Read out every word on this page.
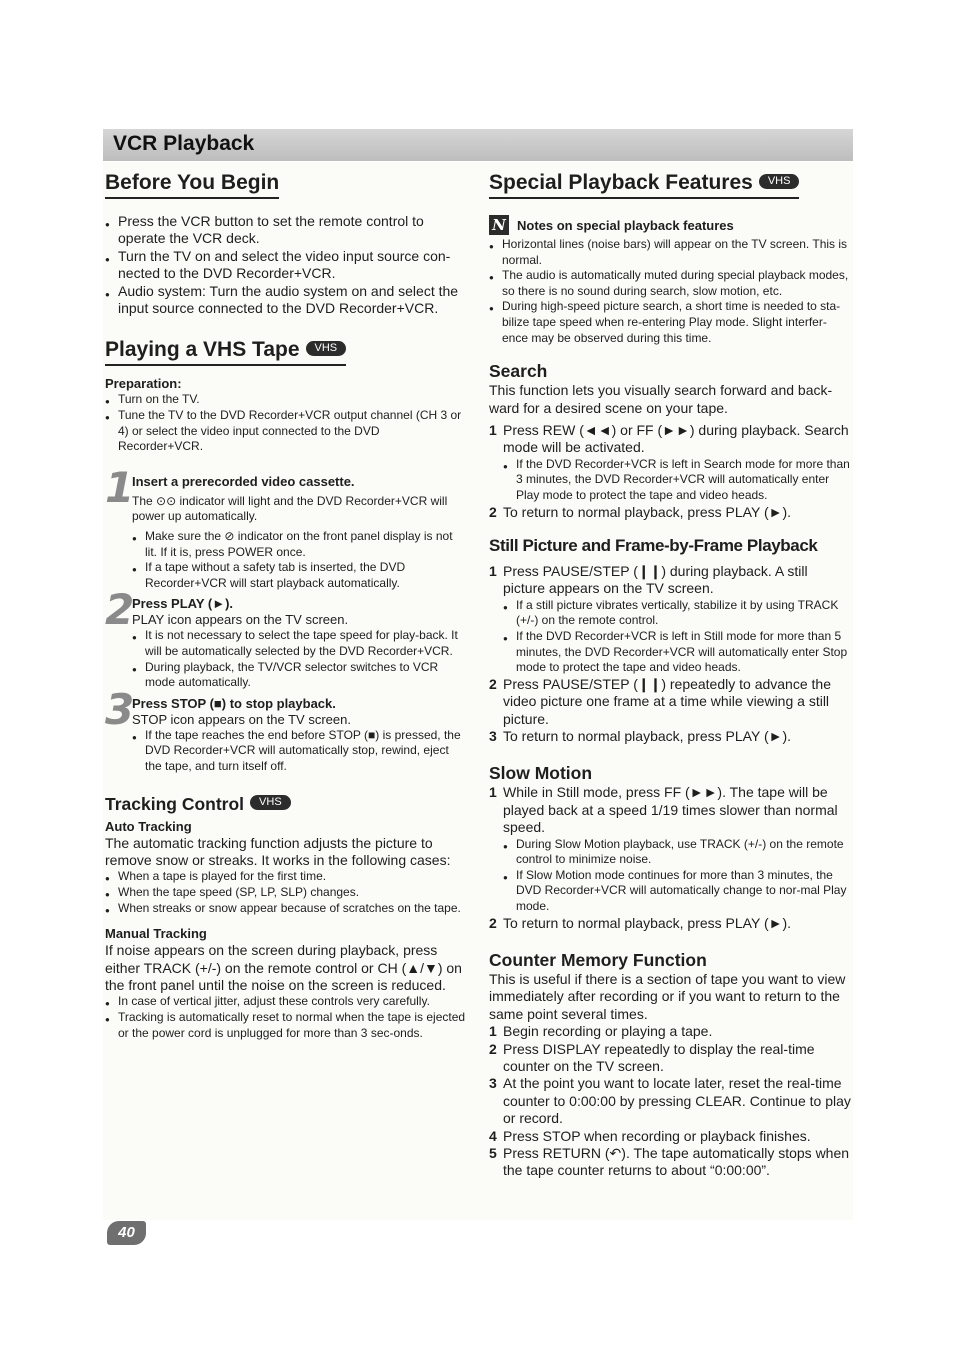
VCR Playback
Before You Begin
● Press the VCR button to set the remote control to operate the VCR deck.
● Turn the TV on and select the video input source con-nected to the DVD Recorder+VCR.
● Audio system: Turn the audio system on and select the input source connected to the DVD Recorder+VCR.
Playing a VHS Tape VHS
Preparation:
● Turn on the TV.
● Tune the TV to the DVD Recorder+VCR output channel (CH 3 or 4) or select the video input connected to the DVD Recorder+VCR.
1
Insert a prerecorded video cassette.

The ⊙⊙ indicator will light and the DVD Recorder+VCR will power up automatically.

● Make sure the ⊘ indicator on the front panel display is not lit. If it is, press POWER once.
● If a tape without a safety tab is inserted, the DVD Recorder+VCR will start playback automatically.
2
Press PLAY (►).

PLAY icon appears on the TV screen.

● It is not necessary to select the tape speed for play-back. It will be automatically selected by the DVD Recorder+VCR.
● During playback, the TV/VCR selector switches to VCR mode automatically.
3
Press STOP (■) to stop playback.

STOP icon appears on the TV screen.

● If the tape reaches the end before STOP (■) is pressed, the DVD Recorder+VCR will automatically stop, rewind, eject the tape, and turn itself off.
Tracking Control VHS
Auto Tracking

The automatic tracking function adjusts the picture to remove snow or streaks. It works in the following cases:

● When a tape is played for the first time.
● When the tape speed (SP, LP, SLP) changes.
● When streaks or snow appear because of scratches on the tape.
Manual Tracking

If noise appears on the screen during playback, press either TRACK (+/-) on the remote control or CH (▲/▼) on the front panel until the noise on the screen is reduced.

● In case of vertical jitter, adjust these controls very carefully.
● Tracking is automatically reset to normal when the tape is ejected or the power cord is unplugged for more than 3 sec-onds.
Special Playback Features VHS
N Notes on special playback features
● Horizontal lines (noise bars) will appear on the TV screen. This is normal.
● The audio is automatically muted during special playback modes, so there is no sound during search, slow motion, etc.
● During high-speed picture search, a short time is needed to sta-bilize tape speed when re-entering Play mode. Slight interfer-ence may be observed during this time.
Search

This function lets you visually search forward and back-ward for a desired scene on your tape.

1 Press REW (◄◄) or FF (►►) during playback. Search mode will be activated.
● If the DVD Recorder+VCR is left in Search mode for more than 3 minutes, the DVD Recorder+VCR will automatically enter Play mode to protect the tape and video heads.
2 To return to normal playback, press PLAY (►).
Still Picture and Frame-by-Frame Playback
1 Press PAUSE/STEP (❙❙) during playback. A still picture appears on the TV screen.
● If a still picture vibrates vertically, stabilize it by using TRACK (+/-) on the remote control.
● If the DVD Recorder+VCR is left in Still mode for more than 5 minutes, the DVD Recorder+VCR will automatically enter Stop mode to protect the tape and video heads.
2 Press PAUSE/STEP (❙❙) repeatedly to advance the video picture one frame at a time while viewing a still picture.
3 To return to normal playback, press PLAY (►).
Slow Motion
1 While in Still mode, press FF (►►). The tape will be played back at a speed 1/19 times slower than normal speed.
● During Slow Motion playback, use TRACK (+/-) on the remote control to minimize noise.
● If Slow Motion mode continues for more than 3 minutes, the DVD Recorder+VCR will automatically change to nor-mal Play mode.
2 To return to normal playback, press PLAY (►).
Counter Memory Function

This is useful if there is a section of tape you want to view immediately after recording or if you want to return to the same point several times.

1 Begin recording or playing a tape.
2 Press DISPLAY repeatedly to display the real-time counter on the TV screen.
3 At the point you want to locate later, reset the real-time counter to 0:00:00 by pressing CLEAR. Continue to play or record.
4 Press STOP when recording or playback finishes.
5 Press RETURN (↶). The tape automatically stops when the tape counter returns to about “0:00:00”.
40
